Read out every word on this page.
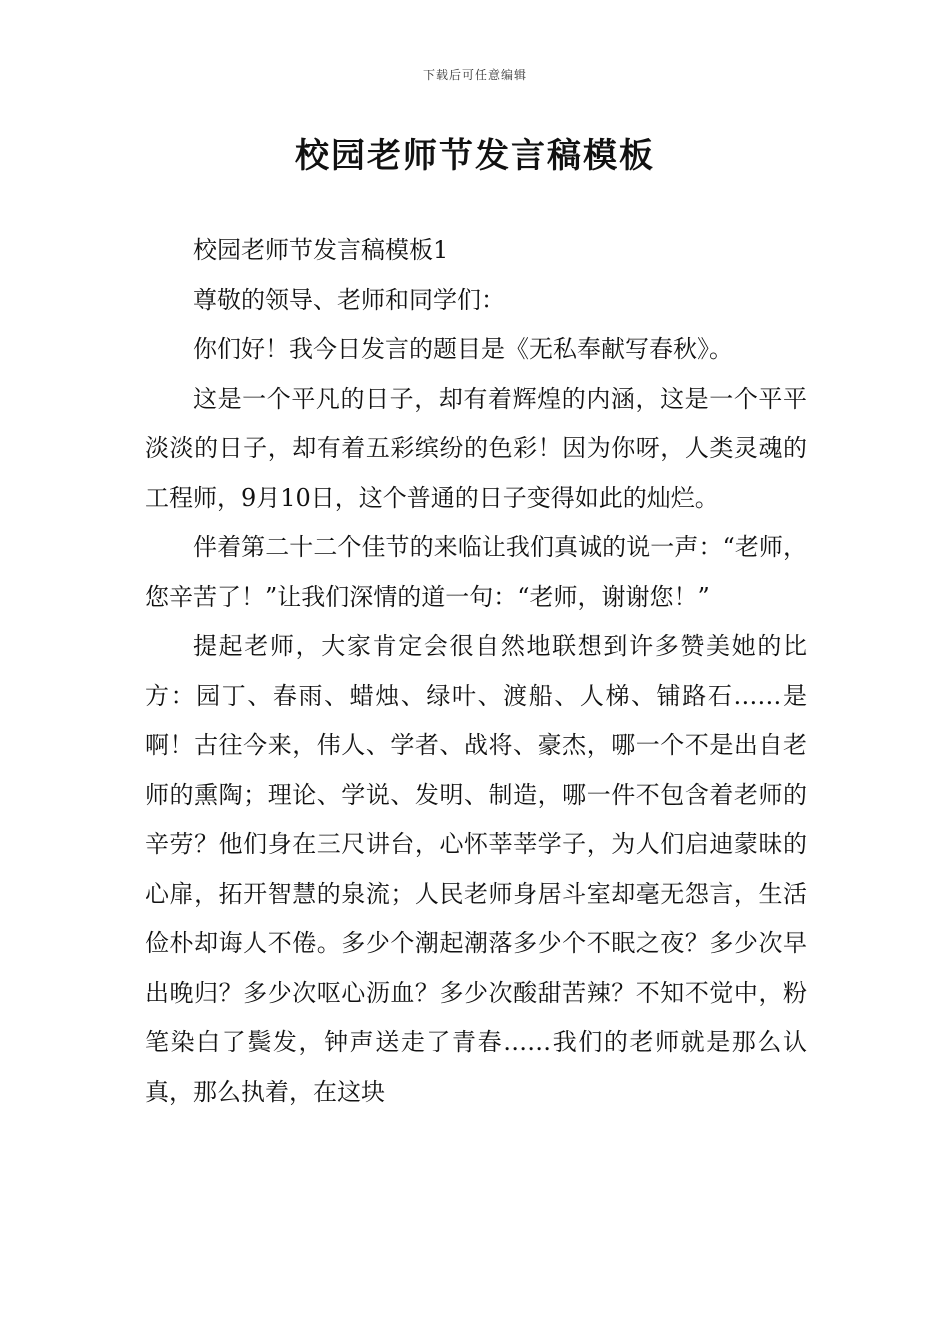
下载后可任意编辑
校园老师节发言稿模板

校园老师节发言稿模板1

尊敬的领导、老师和同学们：

你们好！我今日发言的题目是《无私奉献写春秋》。

这是一个平凡的日子，却有着辉煌的内涵，这是一个平平淡淡的日子，却有着五彩缤纷的色彩！因为你呀，人类灵魂的工程师，9月10日，这个普通的日子变得如此的灿烂。

伴着第二十二个佳节的来临让我们真诚的说一声：“老师，您辛苦了！”让我们深情的道一句：“老师，谢谢您！”

提起老师，大家肯定会很自然地联想到许多赞美她的比方：园丁、春雨、蜡烛、绿叶、渡船、人梯、铺路石……是啊！古往今来，伟人、学者、战将、豪杰，哪一个不是出自老师的熏陶；理论、学说、发明、制造，哪一件不包含着老师的辛劳？他们身在三尺讲台，心怀莘莘学子，为人们启迪蒙昧的心扉，拓开智慧的泉流；人民老师身居斗室却毫无怨言，生活俭朴却诲人不倦。多少个潮起潮落多少个不眠之夜？多少次早出晚归？多少次呕心沥血？多少次酸甜苦辣？不知不觉中，粉笔染白了鬓发，钟声送走了青春……我们的老师就是那么认真，那么执着，在这块
